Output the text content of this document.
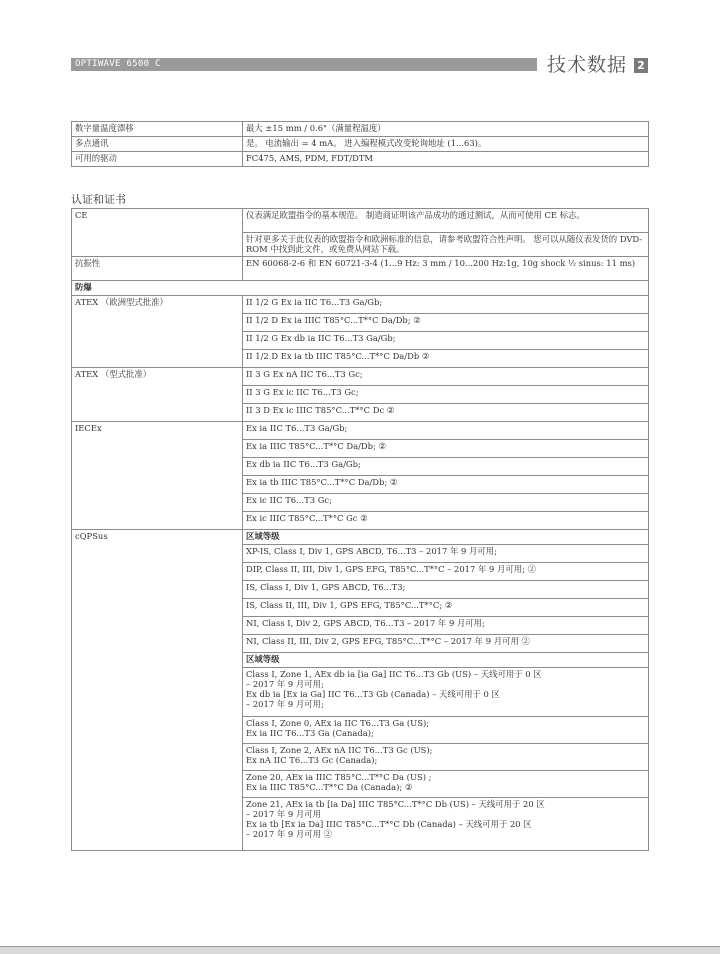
OPTIWAVE 6500 C	技术数据 2
数字量温度漂移	最大 ±15 mm / 0.6"（满量程温度）
多点通讯	是。 电流输出 = 4 mA。 进入编程模式改变轮询地址 (1...63)。
可用的驱动	FC475, AMS, PDM, FDT/DTM
认证和证书
CE	仪表满足欧盟指令的基本规范。 制造商证明该产品成功的通过测试，从而可使用 CE 标志。
	针对更多关于此仪表的欧盟指令和欧洲标准的信息，请参考欧盟符合性声明。 您可以从随仪表发货的 DVD-ROM 中找到此文件，或免费从网站下载。
抗振性	EN 60068-2-6 和 EN 60721-3-4 (1...9 Hz: 3 mm / 10...200 Hz:1g, 10g shock ½ sinus: 11 ms)
防爆	
ATEX （欧洲型式批准）	II 1/2 G Ex ia IIC T6...T3 Ga/Gb;
	II 1/2 D Ex ia IIIC T85°C...T*°C Da/Db; ②
	II 1/2 G Ex db ia IIC T6...T3 Ga/Gb;
	II 1/2 D Ex ia tb IIIC T85°C...T*°C Da/Db ②
ATEX （型式批准）	II 3 G Ex nA IIC T6...T3 Gc;
	II 3 G Ex ic IIC T6...T3 Gc;
	II 3 D Ex ic IIIC T85°C...T*°C Dc ②
IECEx	Ex ia IIC T6...T3 Ga/Gb;
	Ex ia IIIC T85°C...T*°C Da/Db; ②
	Ex db ia IIC T6...T3 Ga/Gb;
	Ex ia tb IIIC T85°C...T*°C Da/Db; ②
	Ex ic IIC T6...T3 Gc;
	Ex ic IIIC T85°C...T*°C Gc ②
cQPSus	区域等级
	XP-IS, Class I, Div 1, GPS ABCD, T6...T3 – 2017 年 9 月可用;
	DIP, Class II, III, Div 1, GPS EFG, T85°C...T*°C – 2017 年 9 月可用; ②
	IS, Class I, Div 1, GPS ABCD, T6...T3;
	IS, Class II, III, Div 1, GPS EFG, T85°C...T*°C; ②
	NI, Class I, Div 2, GPS ABCD, T6...T3 – 2017 年 9 月可用;
	NI, Class II, III, Div 2, GPS EFG, T85°C...T*°C – 2017 年 9 月可用 ②
	区域等级

	Class I, Zone 1, AEx db ia [ia Ga] IIC T6...T3 Gb (US) – 天线可用于 0 区
– 2017 年 9 月可用;
Ex db ia [Ex ia Ga] IIC T6...T3 Gb (Canada) – 天线可用于 0 区
– 2017 年 9 月可用;

	Class I, Zone 0, AEx ia IIC T6...T3 Ga (US);
Ex ia IIC T6...T3 Ga (Canada);

	Class I, Zone 2, AEx nA IIC T6...T3 Gc (US);
Ex nA IIC T6...T3 Gc (Canada);

	Zone 20, AEx ia IIIC T85°C...T*°C Da (US) ;
Ex ia IIIC T85°C...T*°C Da (Canada); ②

	Zone 21, AEx ia tb [ia Da] IIIC T85°C...T*°C Db (US) – 天线可用于 20 区
– 2017 年 9 月可用
Ex ia tb [Ex ia Da] IIIC T85°C...T*°C Db (Canada) – 天线可用于 20 区
– 2017 年 9 月可用 ②
